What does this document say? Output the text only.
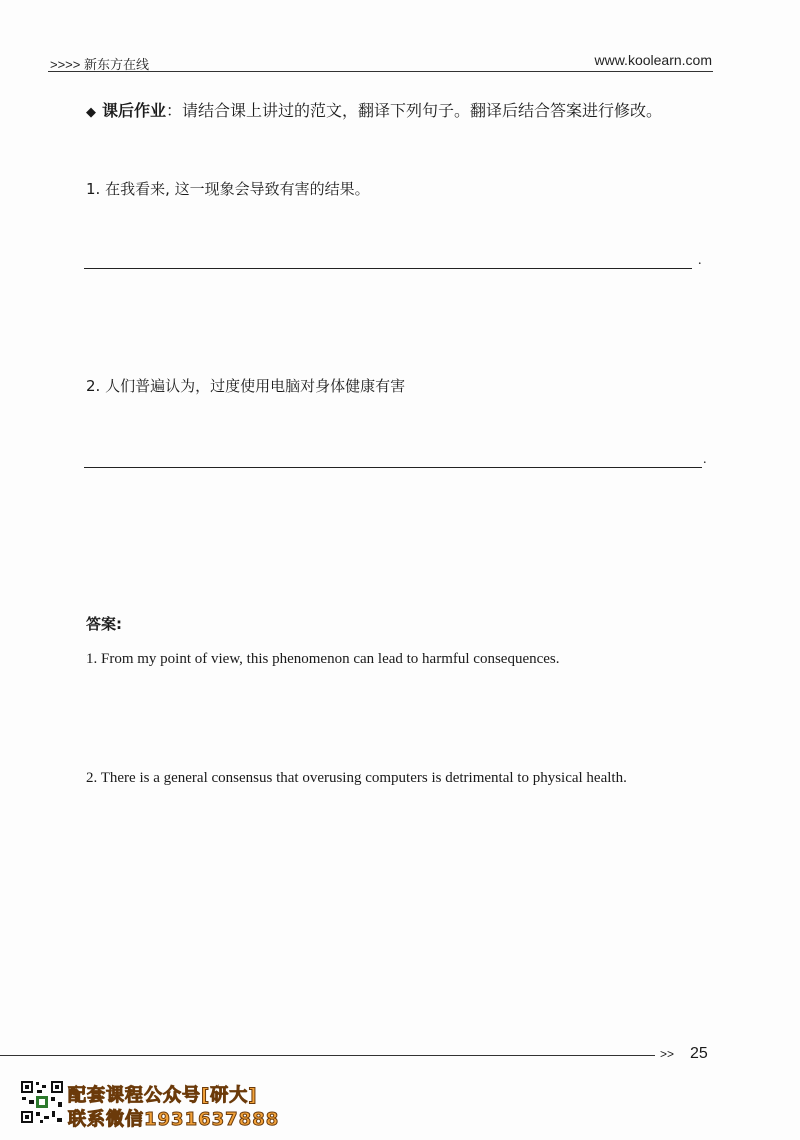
>>>> 新东方在线	www.koolearn.com
◆ 课后作业：请结合课上讲过的范文，翻译下列句子。翻译后结合答案进行修改。
1. 在我看来, 这一现象会导致有害的结果。
.
2. 人们普遍认为，过度使用电脑对身体健康有害
.
答案:
1. From my point of view, this phenomenon can lead to harmful consequences.
2. There is a general consensus that overusing computers is detrimental to physical health.
>> 25
配套课程公众号[研大]
联系微信1931637888
